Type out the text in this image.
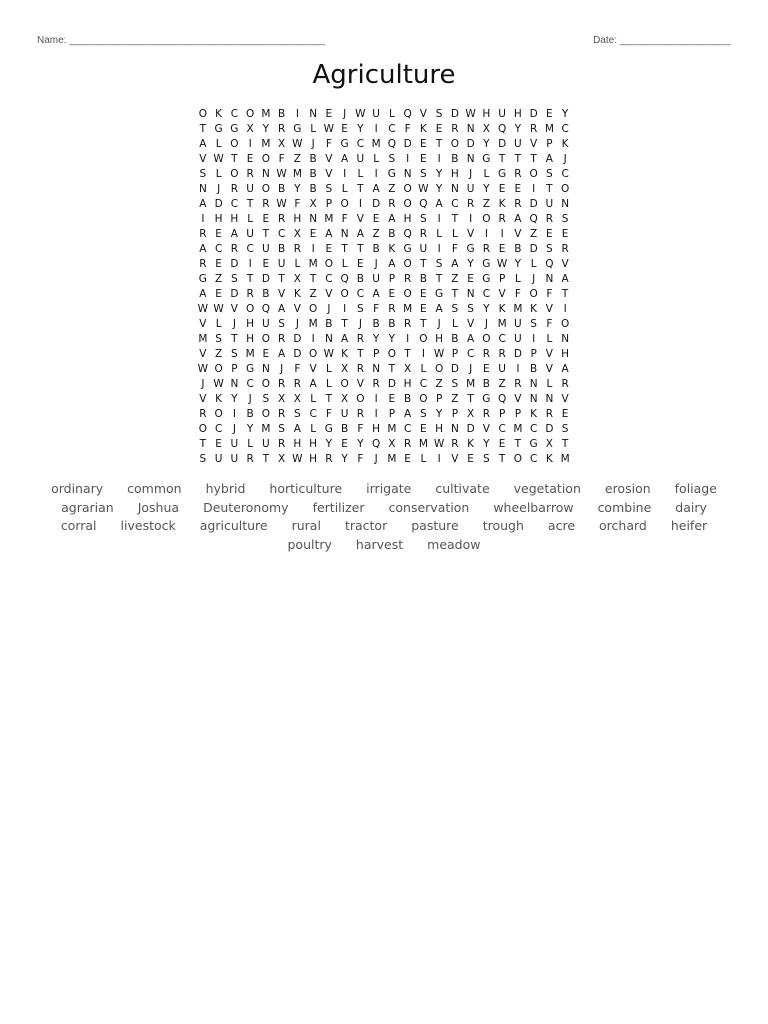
Name: ______________________________________________	Date: ____________________
Agriculture
O K C O M B	I N E	J W U L Q V S D W H U H D E Y
T G G X Y R G L W E Y	I	C F K E R N X Q Y R M C
A L O I M X W J	F G C M Q D E T O D Y D U V P K
V W T E O F Z B V A U L S	I	E	I	B N G T T T A	J
S L O R N W M B V	I	L	I G N S Y H J	L G R O S C
N J	R U O B Y B S L T A Z O W Y N U Y E E	I	T O
A D C T R W F X P O I D R O Q A C R Z K R D U N
I H H L E R H N M F V E A H S	I	T	I O R A Q R S
R E A U T C X E A N A Z B Q R L L V	I	I	V Z E E
A C R C U B R	I	E T T B K G U I	F G R E B D S R
R E D I	E U L M O L E	J	A O T S A Y G W Y L Q V
G Z S T D T X T C Q B U P R B T Z E G P L	J N A
A E D R B V K Z V O C A E O E G T N C V F O F T
W W V O Q A V O J	I	S F R M E A S S Y K M K V	I
V L	J H U S	J M B T	J	B B R T	J	L V	J M U S F O
M S T H O R D I N A R Y Y	I O H B A O C U I	L N
V Z S M E A D O W K T P O T	I W P C R R D P V H
W O P G N J	F V L X R N T X L O D J	E U I	B V A
J W N C O R R A L O V R D H C Z S M B Z R N L R
V K Y	J	S X X L T X O I	E B O P Z T G Q V N N V
R O I	B O R S C F U R	I	P A S Y P X R P P K R E
O C	J	Y M S A L G B F H M C E H N D V C M C D S
T E U L U R H H Y E Y Q X R M W R K Y E T G X T
S U U R T X W H R Y F	J M E L	I	V E S T O C K M
ordinary common hybrid horticulture irrigate cultivate vegetation erosion foliage
agrarian Joshua Deuteronomy fertilizer conservation wheelbarrow combine dairy
corral livestock agriculture rural tractor pasture trough acre orchard heifer
poultry harvest meadow
